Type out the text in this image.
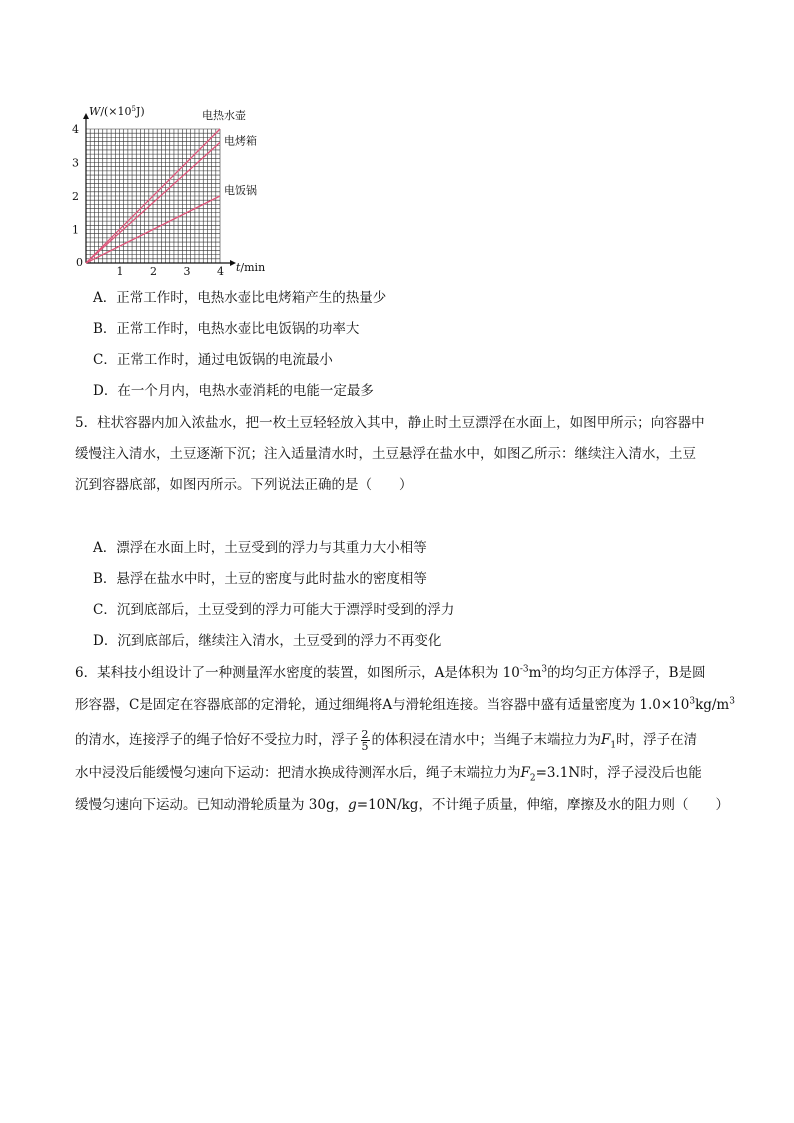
$W/(\times 10^5J)$
t/min
0
1 2 3 4
1
2
3
4
电热水壶
电烤箱
电饭锅
A．正常工作时，电热水壶比电烤箱产生的热量少
B．正常工作时，电热水壶比电饭锅的功率大
C．正常工作时，通过电饭锅的电流最小
D．在一个月内，电热水壶消耗的电能一定最多
5．柱状容器内加入浓盐水，把一枚土豆轻轻放入其中，静止时土豆漂浮在水面上，如图甲所示；向容器中
缓慢注入清水，土豆逐渐下沉；注入适量清水时，土豆悬浮在盐水中，如图乙所示：继续注入清水，土豆
沉到容器底部，如图丙所示。下列说法正确的是（　　）
A．漂浮在水面上时，土豆受到的浮力与其重力大小相等
B．悬浮在盐水中时，土豆的密度与此时盐水的密度相等
C．沉到底部后，土豆受到的浮力可能大于漂浮时受到的浮力
D．沉到底部后，继续注入清水，土豆受到的浮力不再变化
6．某科技小组设计了一种测量浑水密度的装置，如图所示，A是体积为 $10^{-3}m^3$的均匀正方体浮子，B是圆
形容器，C是固定在容器底部的定滑轮，通过细绳将A与滑轮组连接。当容器中盛有适量密度为 $1.0\times 10^3kg/m^3$
的清水，连接浮子的绳子恰好不受拉力时，浮子 $\frac{2}{5}$ 的体积浸在清水中；当绳子末端拉力为$F_1$时，浮子在清
水中浸没后能缓慢匀速向下运动：把清水换成待测浑水后，绳子末端拉力为$F_2=3.1N$时，浮子浸没后也能
缓慢匀速向下运动。已知动滑轮质量为 30g，g=10N/kg，不计绳子质量，伸缩，摩擦及水的阻力则（　　）
